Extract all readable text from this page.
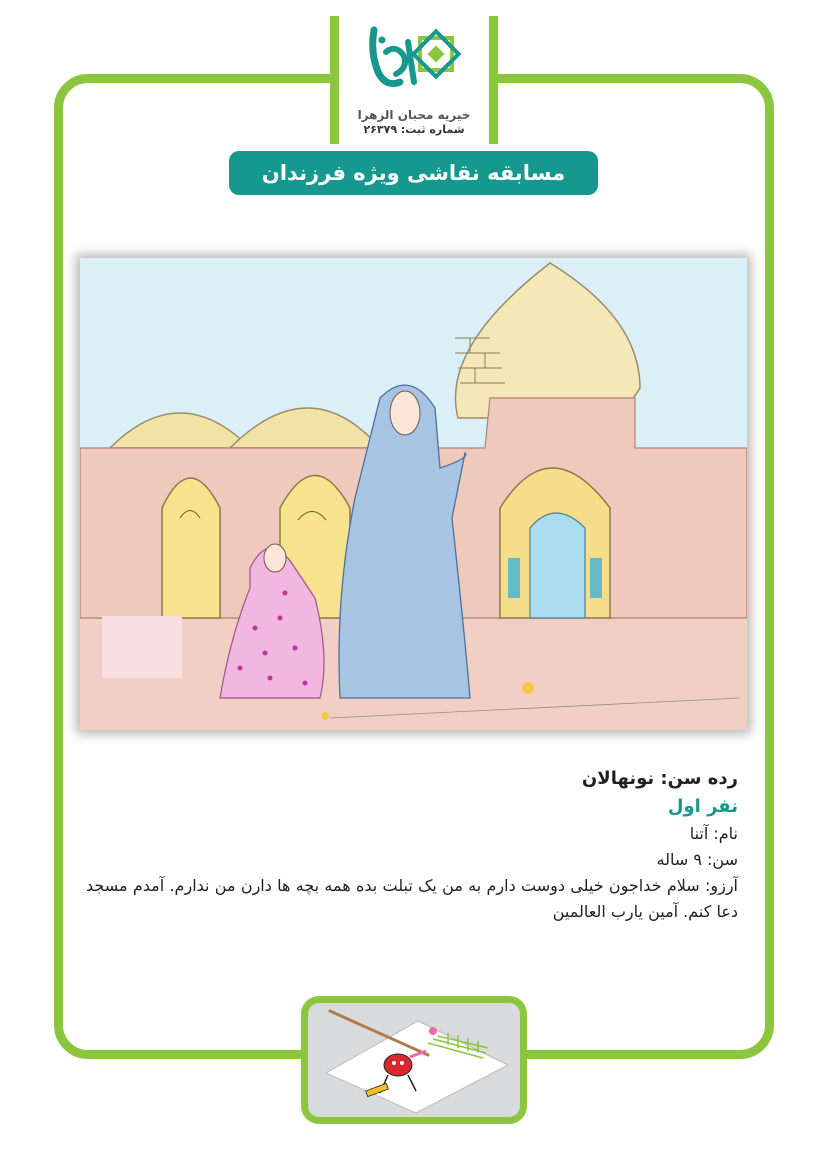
خیریه محبان الزهرا
شماره ثبت: ۲۶۳۷۹
مسابقه نقاشی ویژه فرزندان مددجویان
رده سن: نونهالان
نفر اول
نام: آتنا
سن: ۹ ساله
آرزو: سلام خداجون خیلی دوست دارم به من یک تبلت بده همه بچه ها دارن من ندارم. آمدم مسجد دعا کنم. آمین یارب العالمین
